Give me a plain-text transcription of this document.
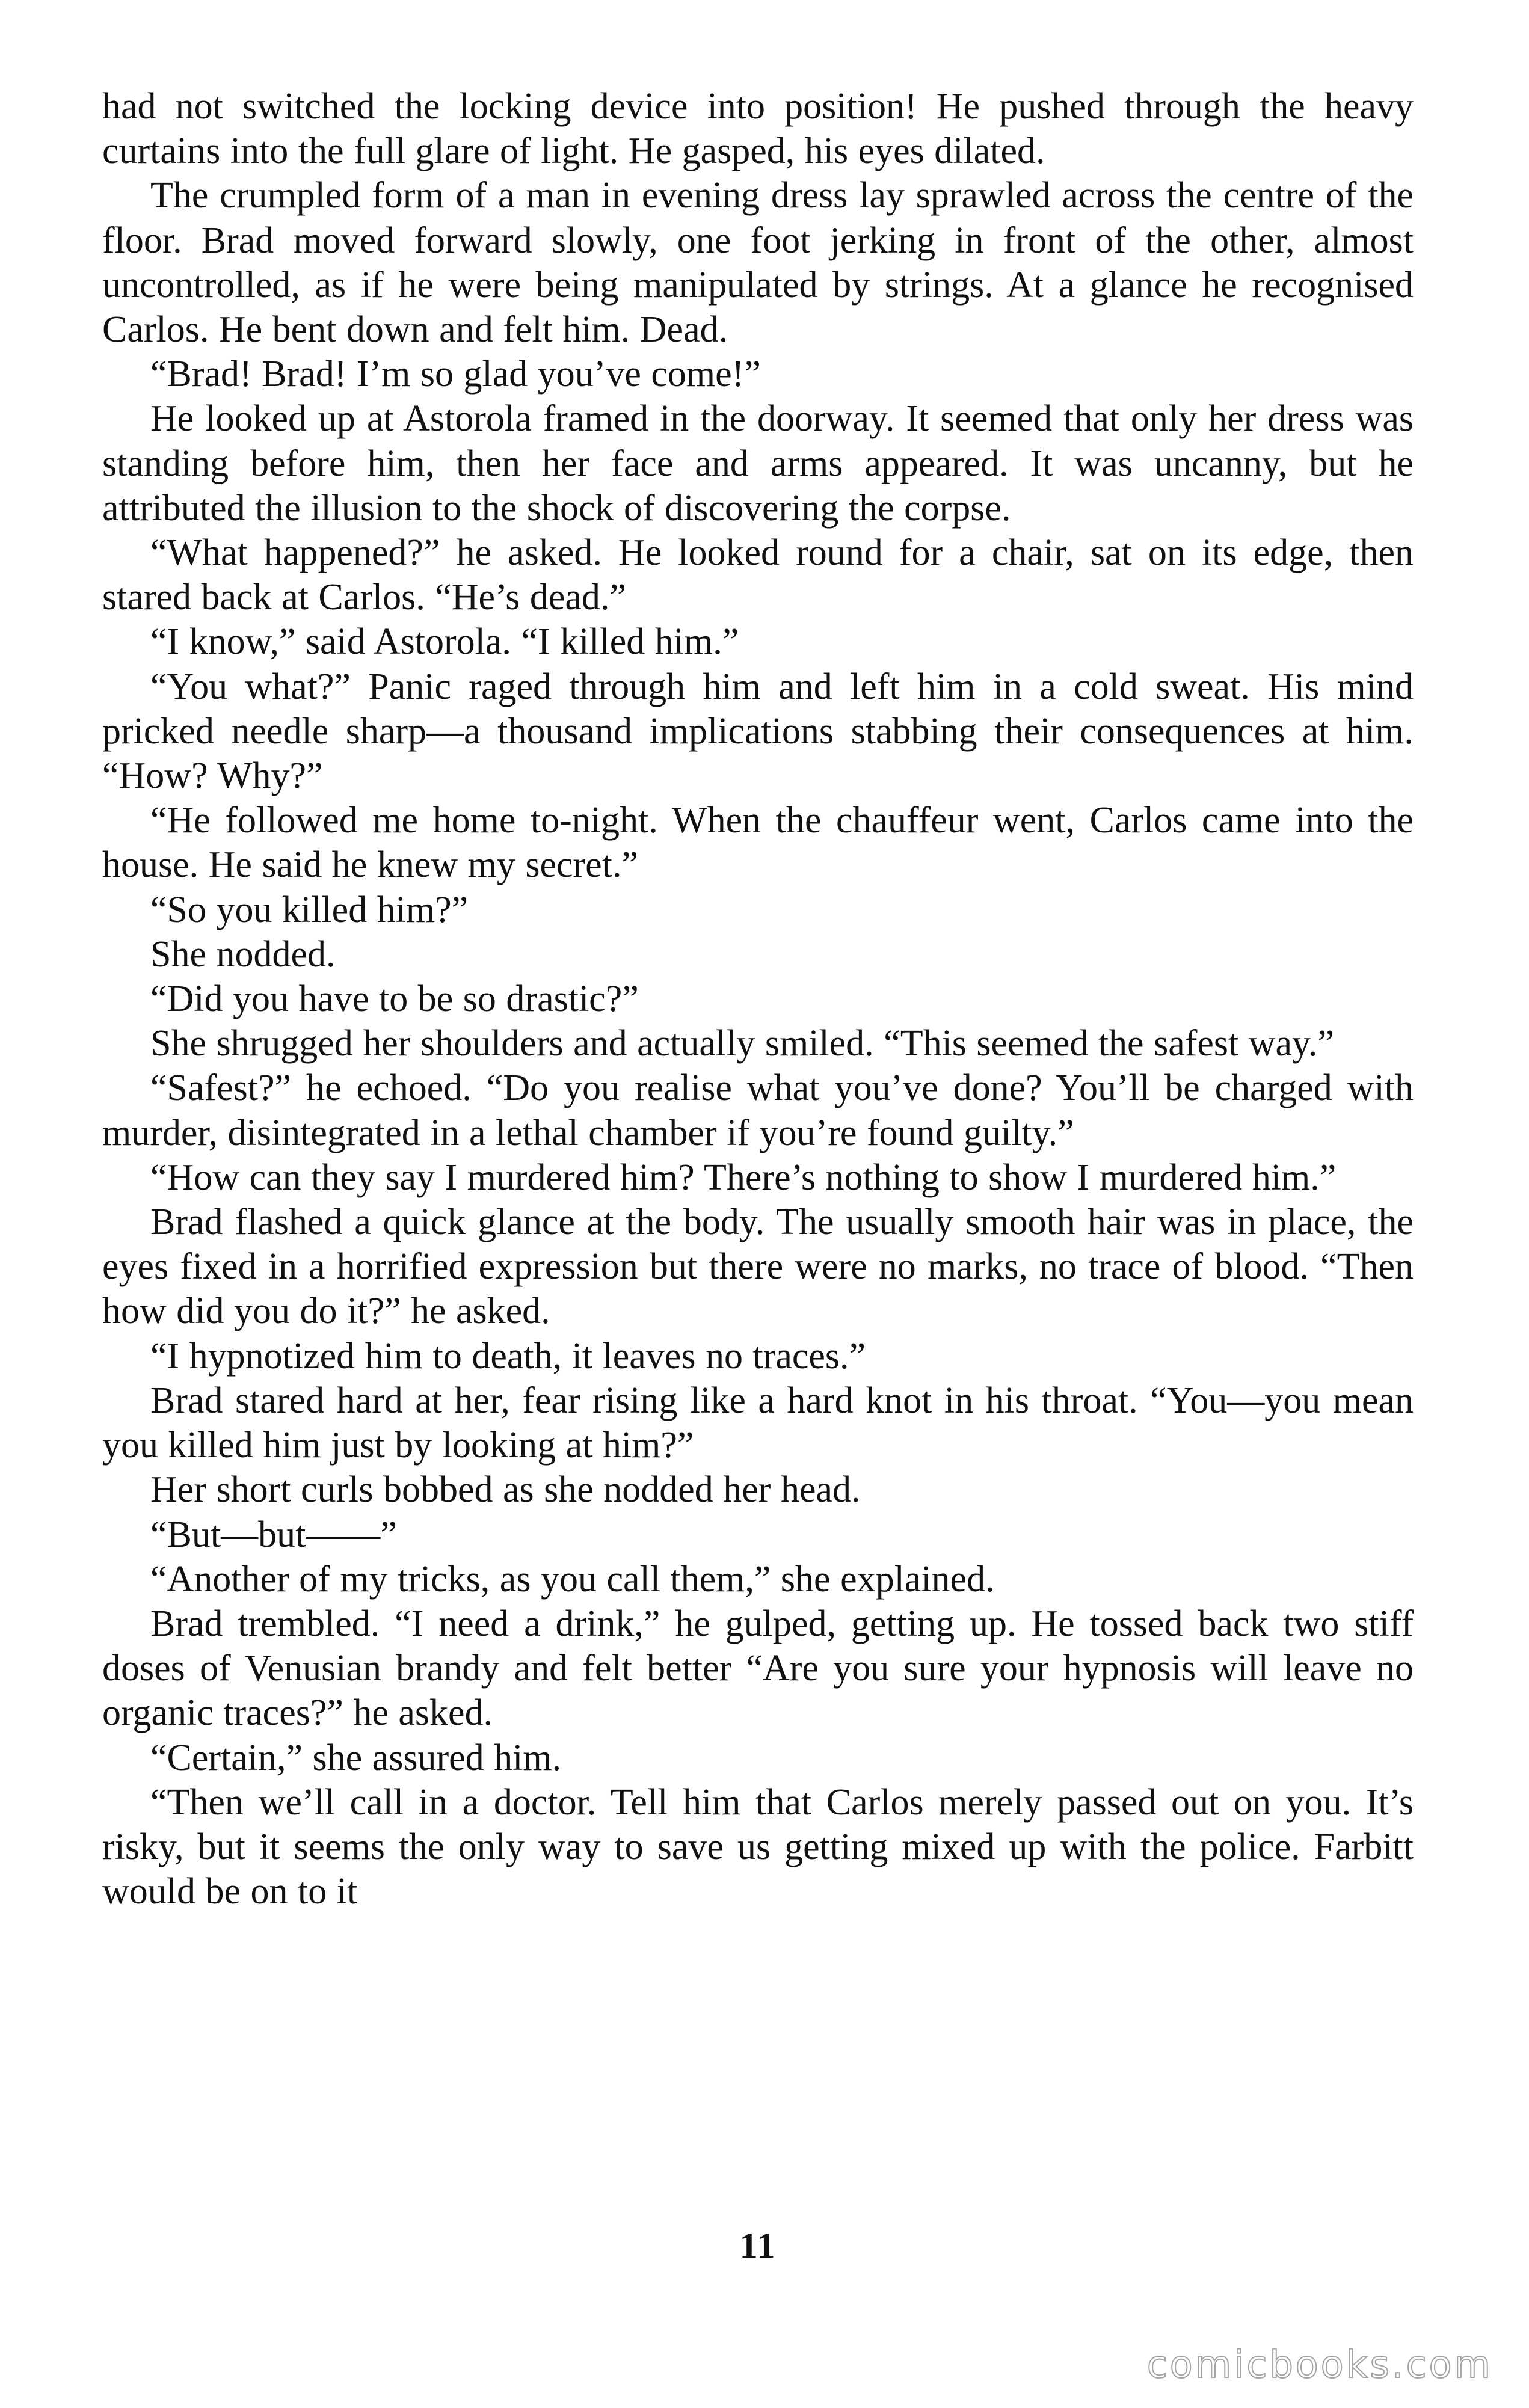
had not switched the locking device into position! He pushed through the heavy curtains into the full glare of light. He gasped, his eyes dilated.

The crumpled form of a man in evening dress lay sprawled across the centre of the floor. Brad moved forward slowly, one foot jerking in front of the other, almost uncontrolled, as if he were being manipulated by strings. At a glance he recognised Carlos. He bent down and felt him. Dead.

“Brad! Brad! I’m so glad you’ve come!”

He looked up at Astorola framed in the doorway. It seemed that only her dress was standing before him, then her face and arms appeared. It was uncanny, but he attributed the illusion to the shock of discovering the corpse.

“What happened?” he asked. He looked round for a chair, sat on its edge, then stared back at Carlos. “He’s dead.”

“I know,” said Astorola. “I killed him.”

“You what?” Panic raged through him and left him in a cold sweat. His mind pricked needle sharp—a thousand implications stabbing their consequences at him. “How? Why?”

“He followed me home to-night. When the chauffeur went, Carlos came into the house. He said he knew my secret.”

“So you killed him?”

She nodded.

“Did you have to be so drastic?”

She shrugged her shoulders and actually smiled. “This seemed the safest way.”

“Safest?” he echoed. “Do you realise what you’ve done? You’ll be charged with murder, disintegrated in a lethal chamber if you’re found guilty.”

“How can they say I murdered him? There’s nothing to show I murdered him.”

Brad flashed a quick glance at the body. The usually smooth hair was in place, the eyes fixed in a horrified expression but there were no marks, no trace of blood. “Then how did you do it?” he asked.

“I hypnotized him to death, it leaves no traces.”

Brad stared hard at her, fear rising like a hard knot in his throat. “You—you mean you killed him just by looking at him?”

Her short curls bobbed as she nodded her head.

“But—but——”

“Another of my tricks, as you call them,” she explained.

Brad trembled. “I need a drink,” he gulped, getting up. He tossed back two stiff doses of Venusian brandy and felt better “Are you sure your hypnosis will leave no organic traces?” he asked.

“Certain,” she assured him.

“Then we’ll call in a doctor. Tell him that Carlos merely passed out on you. It’s risky, but it seems the only way to save us getting mixed up with the police. Farbitt would be on to it

11
comicbooks.com
